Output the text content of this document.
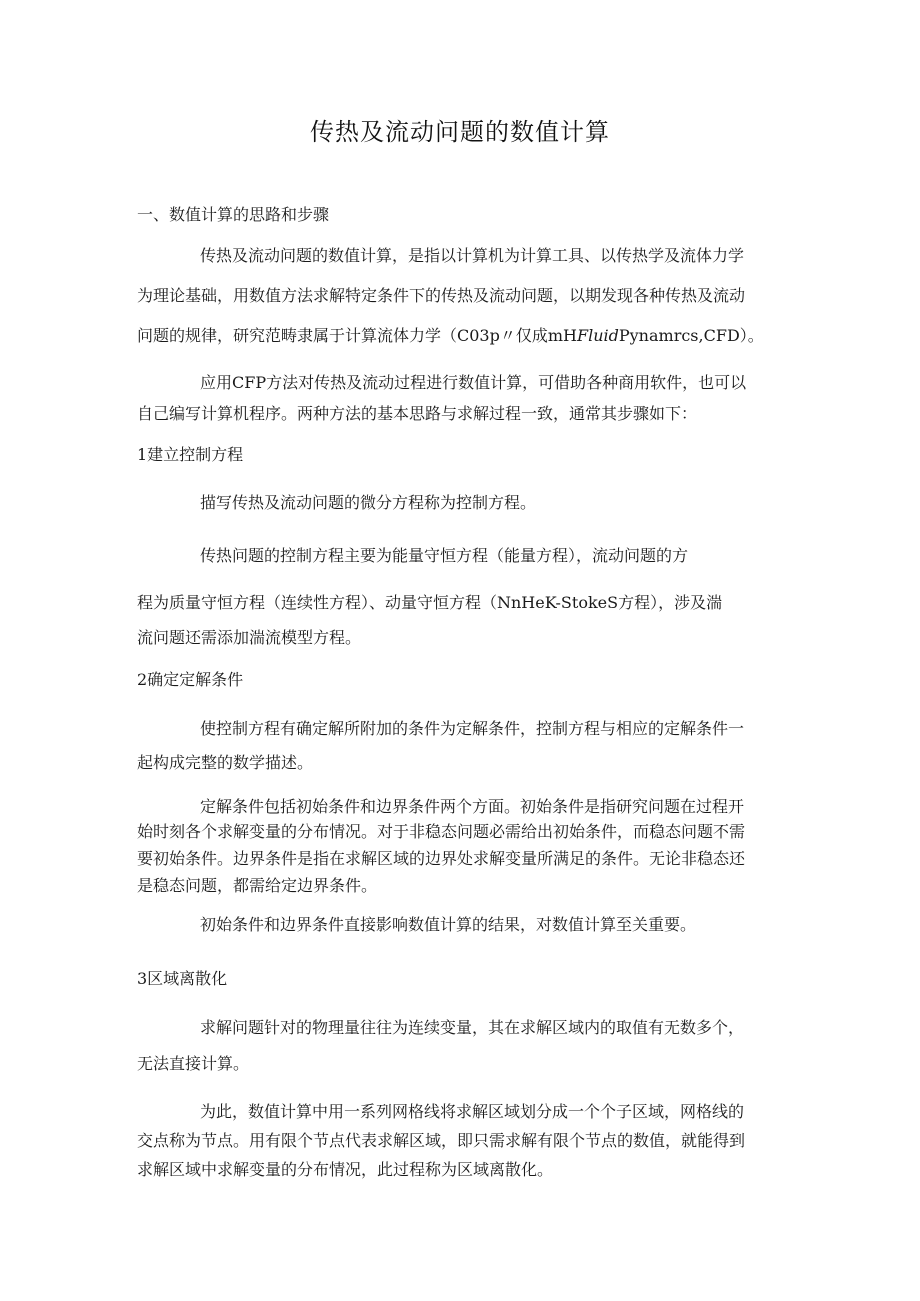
传热及流动问题的数值计算
一、数值计算的思路和步骤
传热及流动问题的数值计算，是指以计算机为计算工具、以传热学及流体力学
为理论基础，用数值方法求解特定条件下的传热及流动问题，以期发现各种传热及流动
问题的规律，研究范畴隶属于计算流体力学（C03p〃仅成mHFluidPynamrcs,CFD）。
应用CFP方法对传热及流动过程进行数值计算，可借助各种商用软件，也可以
自己编写计算机程序。两种方法的基本思路与求解过程一致，通常其步骤如下：
1建立控制方程
描写传热及流动问题的微分方程称为控制方程。
传热问题的控制方程主要为能量守恒方程（能量方程），流动问题的方
程为质量守恒方程（连续性方程）、动量守恒方程（NnHeK-StokeS方程），涉及湍
流问题还需添加湍流模型方程。
2确定定解条件
使控制方程有确定解所附加的条件为定解条件，控制方程与相应的定解条件一
起构成完整的数学描述。
定解条件包括初始条件和边界条件两个方面。初始条件是指研究问题在过程开
始时刻各个求解变量的分布情况。对于非稳态问题必需给出初始条件，而稳态问题不需
要初始条件。边界条件是指在求解区域的边界处求解变量所满足的条件。无论非稳态还
是稳态问题，都需给定边界条件。
初始条件和边界条件直接影响数值计算的结果，对数值计算至关重要。
3区域离散化
求解问题针对的物理量往往为连续变量，其在求解区域内的取值有无数多个，
无法直接计算。
为此，数值计算中用一系列网格线将求解区域划分成一个个子区域，网格线的
交点称为节点。用有限个节点代表求解区域，即只需求解有限个节点的数值，就能得到
求解区域中求解变量的分布情况，此过程称为区域离散化。
